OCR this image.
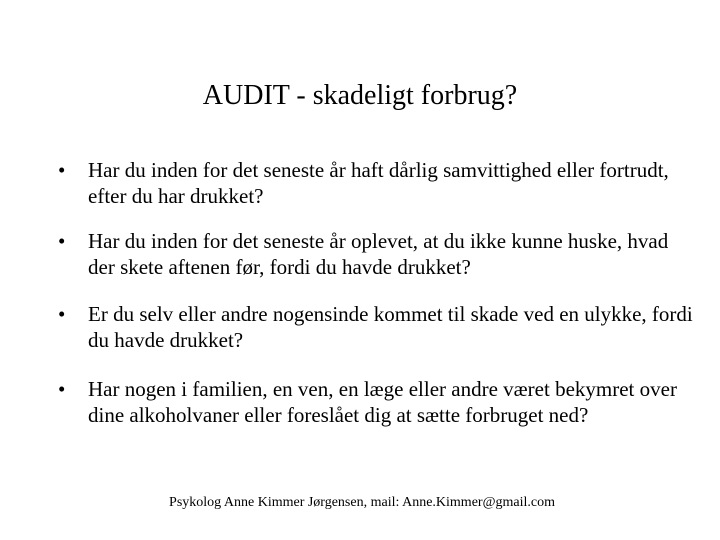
AUDIT - skadeligt forbrug?
•	Har du inden for det seneste år haft dårlig samvittighed eller fortrudt, efter du har drukket?
•	Har du inden for det seneste år oplevet, at du ikke kunne huske, hvad der skete aftenen før, fordi du havde drukket?
•	Er du selv eller andre nogensinde kommet til skade ved en ulykke, fordi du havde drukket?
•	Har nogen i familien, en ven, en læge eller andre været bekymret over dine alkoholvaner eller foreslået dig at sætte forbruget ned?
Psykolog Anne Kimmer Jørgensen, mail: Anne.Kimmer@gmail.com
